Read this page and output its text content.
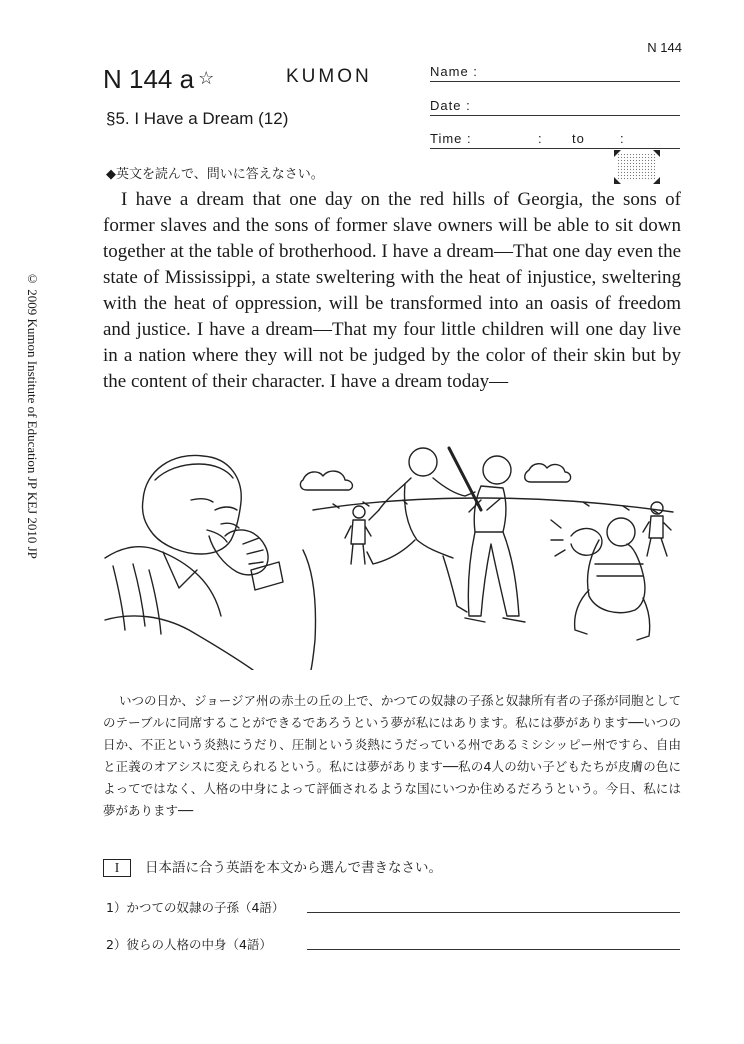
N 144
N 144 a ☆	KUMON
§5. I Have a Dream (12)
Name :
Date :
Time :	: to	:
◆英文を読んで、問いに答えなさい。

I have a dream that one day on the red hills of Georgia, the sons of former slaves and the sons of former slave owners will be able to sit down together at the table of brotherhood. I have a dream—That one day even the state of Mississippi, a state sweltering with the heat of injustice, sweltering with the heat of oppression, will be transformed into an oasis of freedom and justice. I have a dream—That my four little children will one day live in a nation where they will not be judged by the color of their skin but by the content of their character. I have a dream today—

© 2009 Kumon Institute of Education JP KEJ 2010 JP

いつの日か、ジョージア州の赤土の丘の上で、かつての奴隷の子孫と奴隷所有者の子孫が同胞としてのテーブルに同席することができるであろうという夢が私にはあります。私には夢があります──いつの日か、不正という炎熱にうだり、圧制という炎熱にうだっている州であるミシシッピー州ですら、自由と正義のオアシスに変えられるという。私には夢があります──私の4人の幼い子どもたちが皮膚の色によってではなく、人格の中身によって評価されるような国にいつか住めるだろうという。今日、私には夢があります──

I 日本語に合う英語を本文から選んで書きなさい。
1）かつての奴隷の子孫（4語）
2）彼らの人格の中身（4語）
